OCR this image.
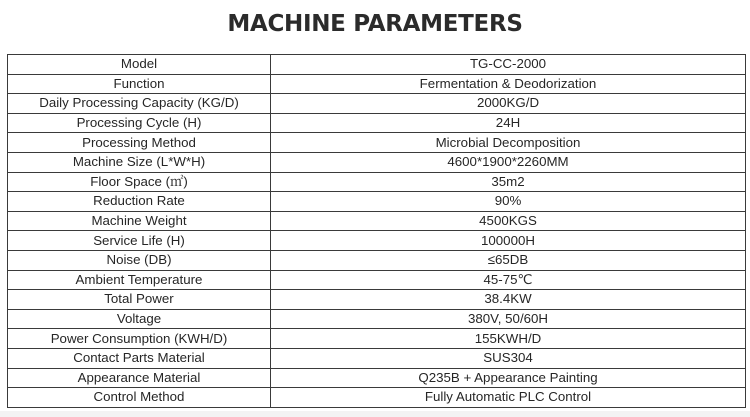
MACHINE PARAMETERS
Model	TG-CC-2000
Function	Fermentation & Deodorization
Daily Processing Capacity (KG/D)	2000KG/D
Processing Cycle (H)	24H
Processing Method	Microbial Decomposition
Machine Size (L*W*H)	4600*1900*2260MM
Floor Space (㎡)	35m2
Reduction Rate	90%
Machine Weight	4500KGS
Service Life (H)	100000H
Noise (DB)	≤65DB
Ambient Temperature	45-75℃
Total Power	38.4KW
Voltage	380V, 50/60H
Power Consumption (KWH/D)	155KWH/D
Contact Parts Material	SUS304
Appearance Material	Q235B + Appearance Painting
Control Method	Fully Automatic PLC Control
